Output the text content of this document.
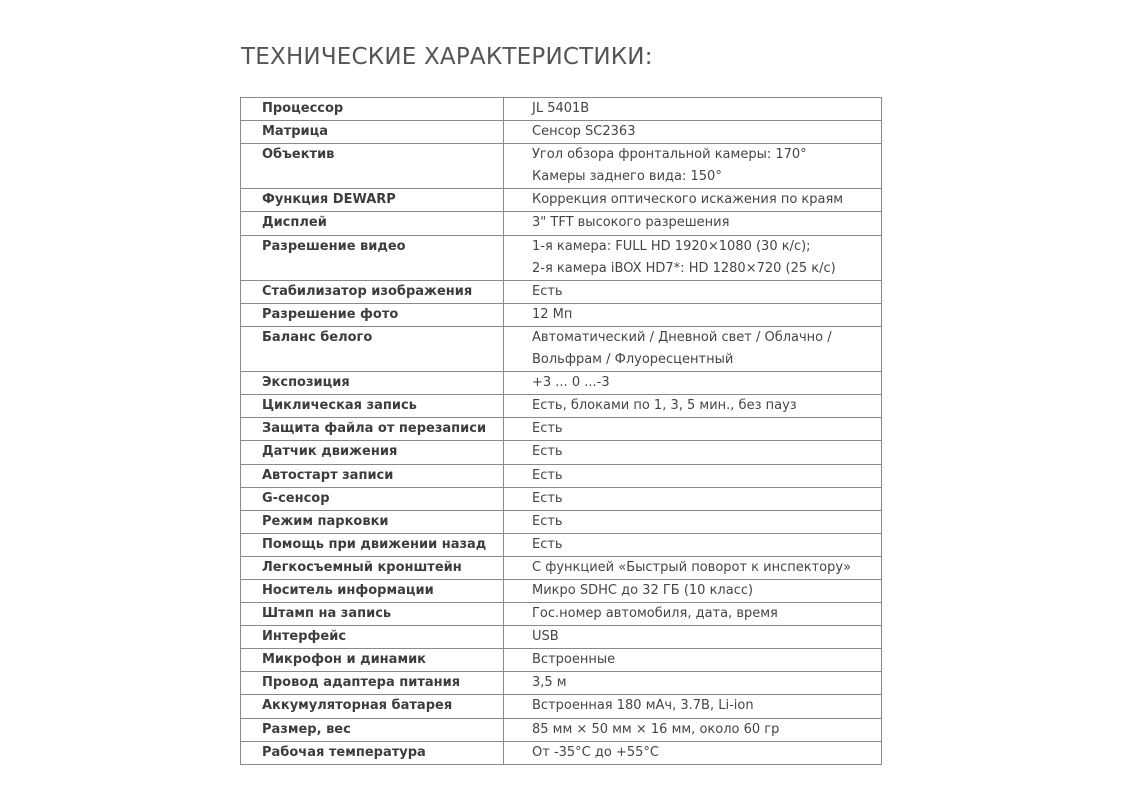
ТЕХНИЧЕСКИЕ ХАРАКТЕРИСТИКИ:
Процессор	JL 5401B

Матрица	Сенсор SC2363

Объектив	Угол обзора фронтальной камеры: 170°
Камеры заднего вида: 150°

Функция DEWARP	Коррекция оптического искажения по краям

Дисплей	3" TFT высокого разрешения

Разрешение видео	1-я камера: FULL HD 1920×1080 (30 к/с);
2-я камера iBOX HD7*: HD 1280×720 (25 к/с)

Стабилизатор изображения	Есть

Разрешение фото	12 Мп

Баланс белого	Автоматический / Дневной свет / Облачно /
Вольфрам / Флуоресцентный

Экспозиция	+3 ... 0 ...-3

Циклическая запись	Есть, блоками по 1, 3, 5 мин., без пауз

Защита файла от перезаписи	Есть

Датчик движения	Есть

Автостарт записи	Есть

G-сенсор	Есть

Режим парковки	Есть

Помощь при движении назад	Есть

Легкосъемный кронштейн	С функцией «Быстрый поворот к инспектору»

Носитель информации	Микро SDHC до 32 ГБ (10 класс)

Штамп на запись	Гос.номер автомобиля, дата, время

Интерфейс	USB

Микрофон и динамик	Встроенные

Провод адаптера питания	3,5 м

Аккумуляторная батарея	Встроенная 180 мАч, 3.7В, Li-ion

Размер, вес	85 мм × 50 мм × 16 мм, около 60 гр

Рабочая температура	От -35°C до +55°C
